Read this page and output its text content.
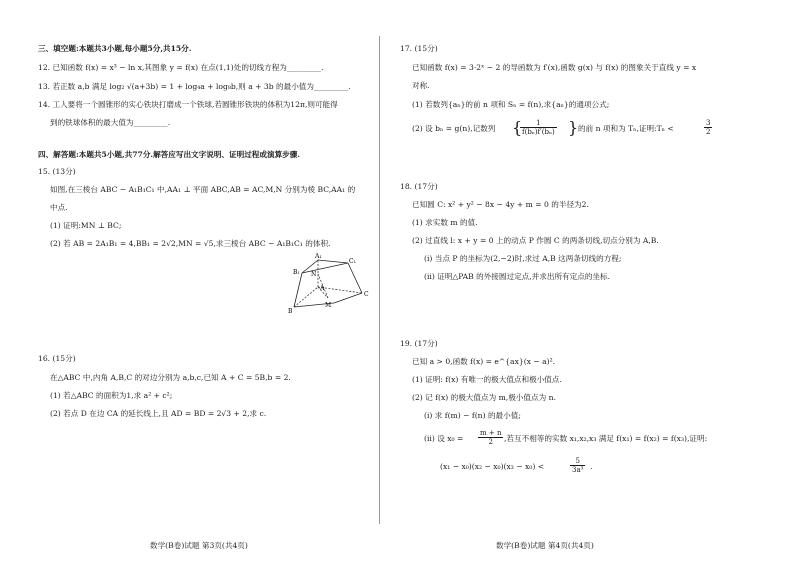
三、填空题:本题共3小题,每小题5分,共15分.
12. 已知函数 f(x) = x³ − ln x,其图象 y = f(x) 在点(1,1)处的切线方程为_________.
13. 若正数 a,b 满足 log₂ √(a+3b) = 1 + log₄a + log₈b,则 a + 3b 的最小值为_________.
14. 工人要将一个圆锥形的实心铁块打磨成一个铁球,若圆锥形铁块的体积为12π,则可能得
到的铁球体积的最大值为_________.
四、解答题:本题共5小题,共77分.解答应写出文字说明、证明过程或演算步骤.
15. (13分)
如图,在三棱台 ABC − A₁B₁C₁ 中,AA₁ ⊥ 平面 ABC,AB = AC,M,N 分别为棱 BC,AA₁ 的
中点.
(1) 证明:MN ⊥ BC;
(2) 若 AB = 2A₁B₁ = 4,BB₁ = 2√2,MN = √5,求三棱台 ABC − A₁B₁C₁ 的体积.
A₁
B₁
C₁
N
A
B
C
M
16. (15分)
在△ABC 中,内角 A,B,C 的对边分别为 a,b,c,已知 A + C = 5B,b = 2.
(1) 若△ABC 的面积为1,求 a² + c²;
(2) 若点 D 在边 CA 的延长线上,且 AD = BD = 2√3 + 2,求 c.
数学(B卷)试题 第3页(共4页)
17. (15分)
已知函数 f(x) = 3·2ˣ − 2 的导函数为 f′(x),函数 g(x) 与 f(x) 的图象关于直线 y = x
对称.
(1) 若数列{aₙ}的前 n 项和 Sₙ = f(n),求{aₙ}的通项公式;
(2) 设 bₙ = g(n),记数列 {
$\frac{1}{\text{f(bₙ)f′(bₙ)}}$ } 的前 n 项和为 Tₙ,证明:Tₙ <	$\frac{3}{2}$
18. (17分)
已知圆 C: x² + y² − 8x − 4y + m = 0 的半径为2.
(1) 求实数 m 的值.
(2) 过直线 l: x + y = 0 上的动点 P 作圆 C 的两条切线,切点分别为 A,B.
(ⅰ) 当点 P 的坐标为(2,−2)时,求过 A,B 这两条切线的方程;
(ⅱ) 证明△PAB 的外接圆过定点,并求出所有定点的坐标.
19. (17分)
已知 a > 0,函数 f(x) = e^{ax}(x − a)².
(1) 证明: f(x) 有唯一的极大值点和极小值点.
(2) 记 f(x) 的极大值点为 m,极小值点为 n.
(ⅰ) 求 f(m) − f(n) 的最小值;
(ⅱ) 设 $x_0 = \frac{m + n}{2}$ ,若互不相等的实数 x₁,x₂,x₃ 满足 f(x₁) = f(x₂) = f(x₃),证明:
(x₁ − x₀)(x₂ − x₀)(x₃ − x₀) <	$\frac{5}{\text{3a³}}$ .
数学(B卷)试题 第4页(共4页)
